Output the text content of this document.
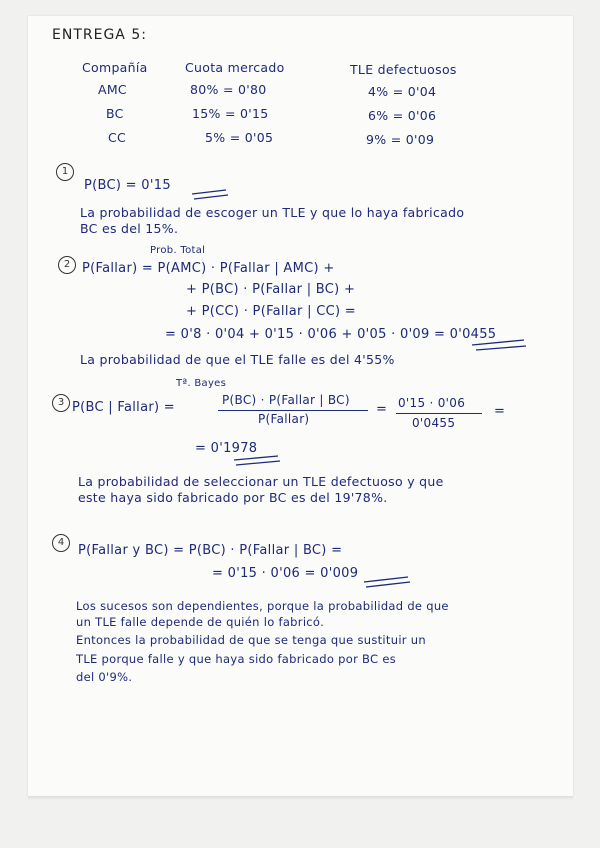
ENTREGA 5:
Compañía	Cuota mercado	TLE defectuosos
AMC	80% = 0'80	4% = 0'04
BC	15% = 0'15	6% = 0'06
CC	5% = 0'05	9% = 0'09
1
P(BC) = 0'15
La probabilidad de escoger un TLE y que lo haya fabricado
BC es del 15%.
2
Prob. Total
P(Fallar) = P(AMC) · P(Fallar | AMC) +
+ P(BC) · P(Fallar | BC) +
+ P(CC) · P(Fallar | CC) =
= 0'8 · 0'04 + 0'15 · 0'06 + 0'05 · 0'09 = 0'0455
La probabilidad de que el TLE falle es del 4'55%
3
Tª. Bayes
P(BC | Fallar) =	P(BC) · P(Fallar | BC)
P(Fallar)
= 0'15 · 0'06
0'0455
=
= 0'1978
La probabilidad de seleccionar un TLE defectuoso y que
este haya sido fabricado por BC es del 19'78%.
4
P(Fallar y BC) = P(BC) · P(Fallar | BC) =
= 0'15 · 0'06 = 0'009
Los sucesos son dependientes, porque la probabilidad de que
un TLE falle depende de quién lo fabricó.
Entonces la probabilidad de que se tenga que sustituir un
TLE porque falle y que haya sido fabricado por BC es
del 0'9%.
